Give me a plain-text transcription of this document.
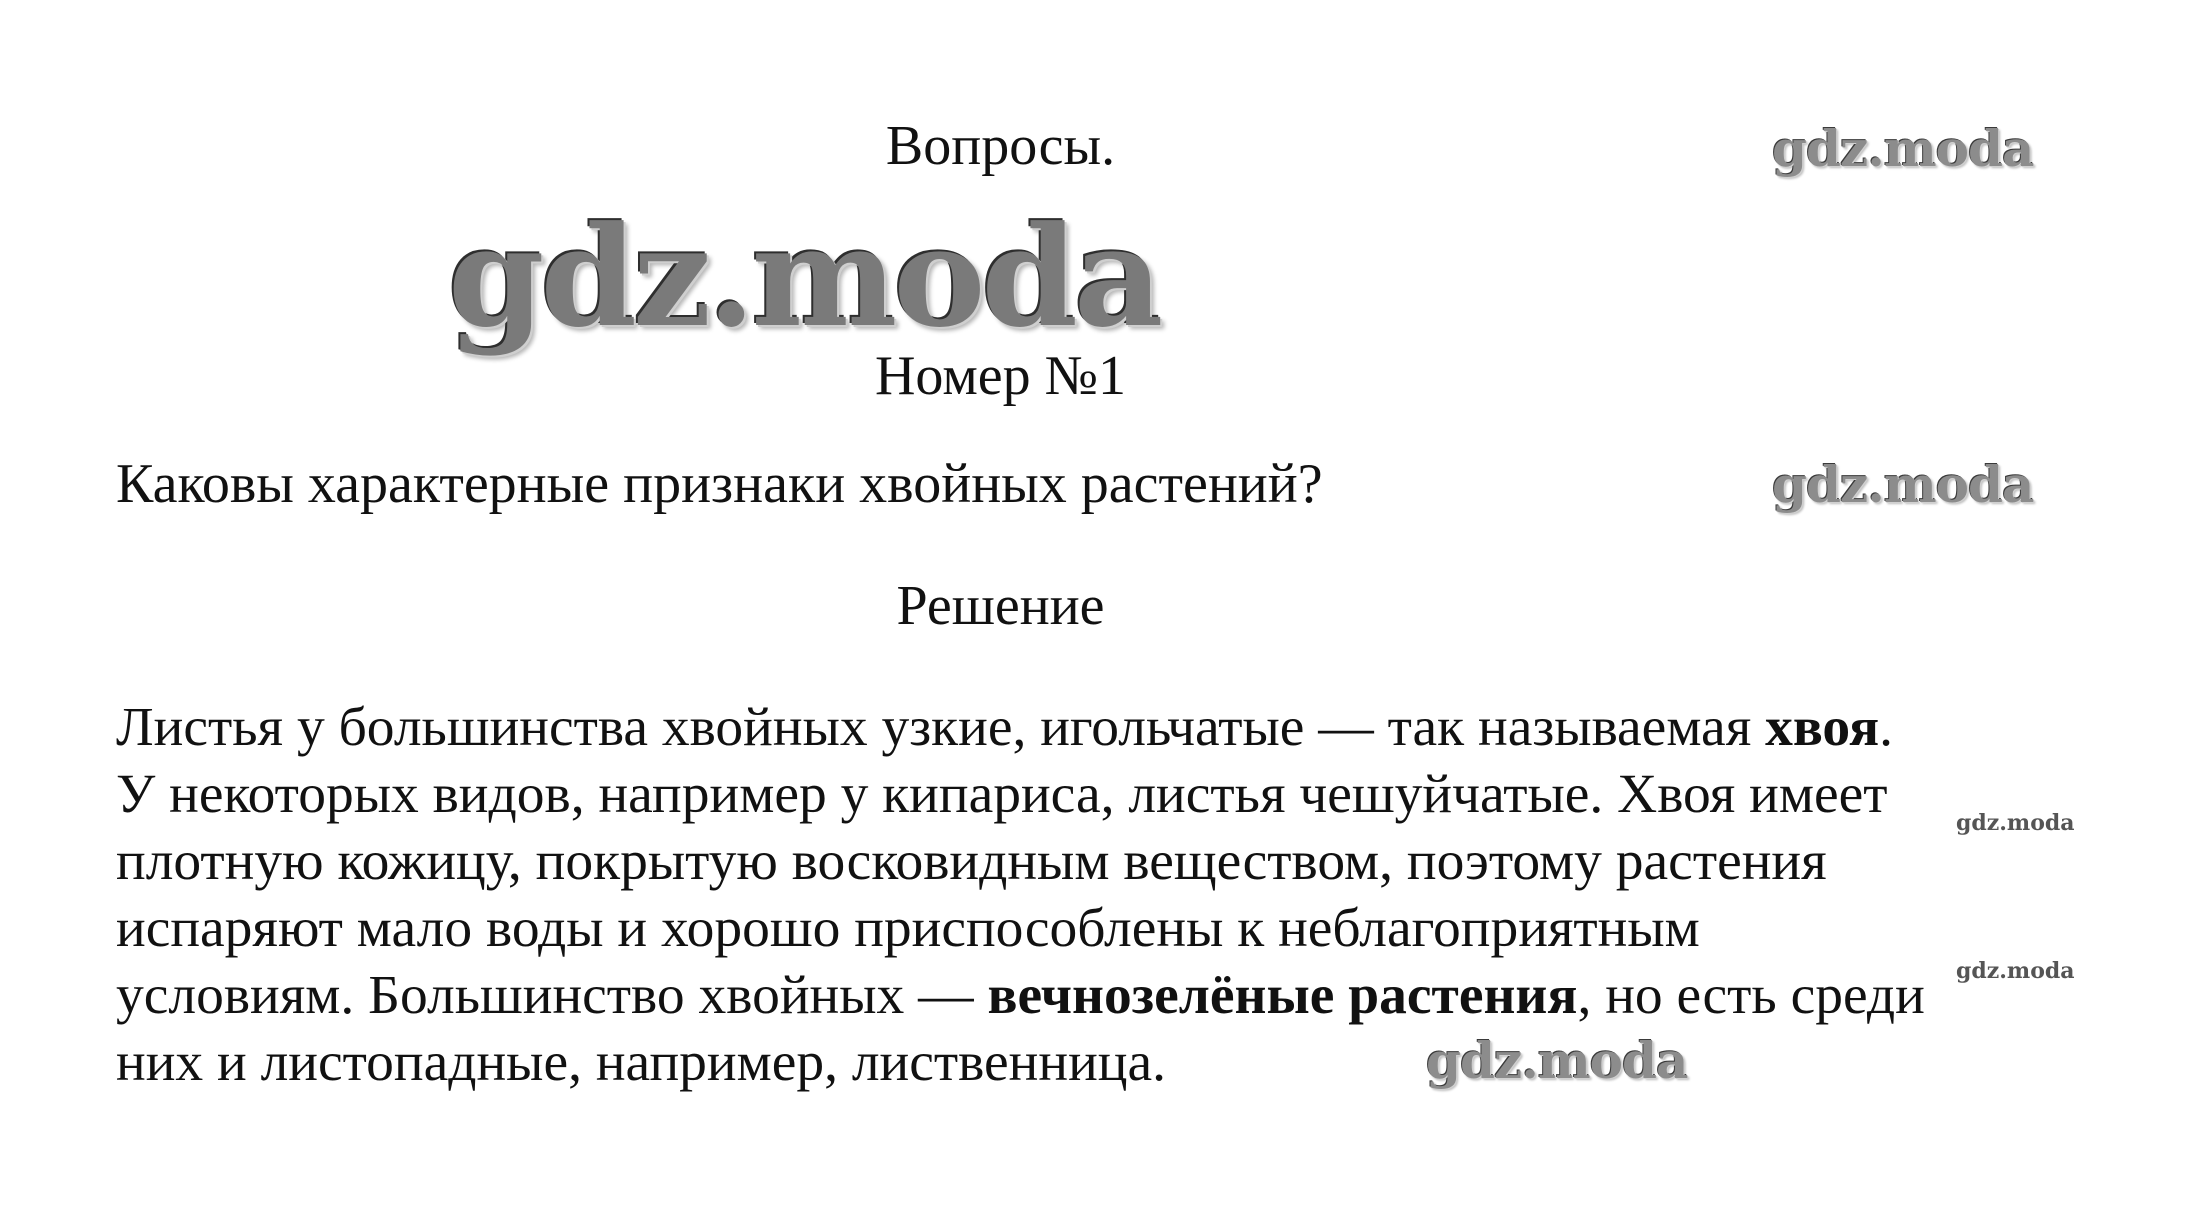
Вопросы.
Номер №1
Каковы характерные признаки хвойных растений?
Решение
Листья у большинства хвойных узкие, игольчатые — так называемая хвоя.
У некоторых видов, например у кипариса, листья чешуйчатые. Хвоя имеет
плотную кожицу, покрытую восковидным веществом, поэтому растения
испаряют мало воды и хорошо приспособлены к неблагоприятным
условиям. Большинство хвойных — вечнозелёные растения, но есть среди
них и листопадные, например, лиственница.
gdz.moda
gdz.moda
gdz.moda
gdz.moda
gdz.moda
gdz.moda
